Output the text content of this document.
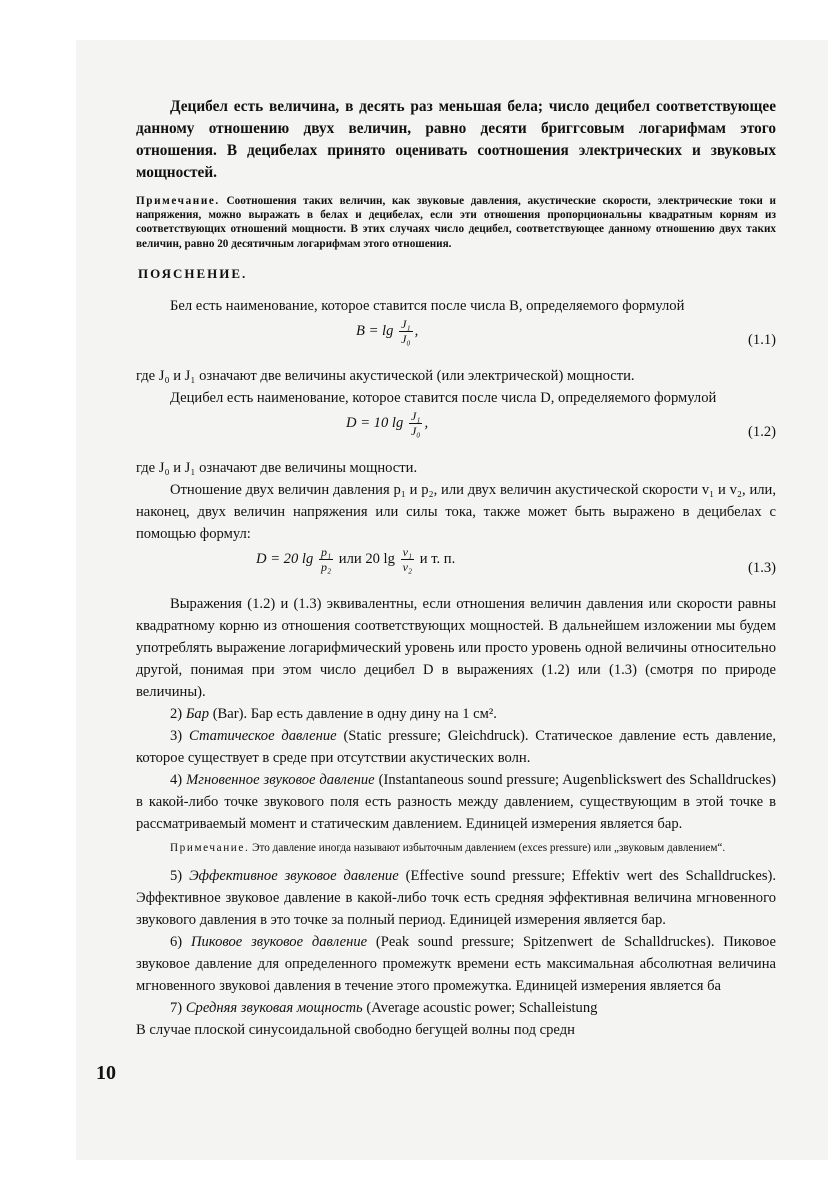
Децибел есть величина, в десять раз меньшая бела; число децибел соответствующее данному отношению двух величин, равно десяти бриггсовым логарифмам этого отношения. В децибелах принято оценивать соотношения электрических и звуковых мощностей.

Примечание. Соотношения таких величин, как звуковые давления, акустические скорости, электрические токи и напряжения, можно выражать в белах и децибелах, если эти отношения пропорциональны квадратным корням из соответствующих отношений мощности. В этих случаях число децибел, соответствующее данному отношению двух таких величин, равно 20 десятичным логарифмам этого отношения.

ПОЯСНЕНИЕ.

Бел есть наименование, которое ставится после числа B, определяемого формулой

$B = \lg \frac{\text{J₁}}{\text{J₀}}$ ,
(1.1)

где J₀ и J₁ означают две величины акустической (или электрической) мощности.

Децибел есть наименование, которое ставится после числа D, определяемого формулой

D = 10 $\lg \frac{\text{J₁}}{\text{J₀}}$ ,
(1.2)

где J₀ и J₁ означают две величины мощности.

Отношение двух величин давления p₁ и p₂, или двух величин акустической скорости v₁ и v₂, или, наконец, двух величин напряжения или силы тока, также может быть выражено в децибелах с помощью формул:

D = 20 $\lg \frac{\text{p₁}}{\text{p₂}}$ или 20 $\lg \frac{\text{v₁}}{\text{v₂}}$ и т. п.
(1.3)

Выражения (1.2) и (1.3) эквивалентны, если отношения величин давления или скорости равны квадратному корню из отношения соответствующих мощностей. В дальнейшем изложении мы будем употреблять выражение логарифмический уровень или просто уровень одной величины относительно другой, понимая при этом число децибел D в выражениях (1.2) или (1.3) (смотря по природе величины).

2) Бар (Bar). Бар есть давление в одну дину на 1 см².

3) Статическое давление (Static pressure; Gleichdruck). Статическое давление есть давление, которое существует в среде при отсутствии акустических волн.

4) Мгновенное звуковое давление (Instantaneous sound pressure; Augenblickswert des Schalldruckes) в какой-либо точке звукового поля есть разность между давлением, существующим в этой точке в рассматриваемый момент и статическим давлением. Единицей измерения является бар.

Примечание. Это давление иногда называют избыточным давлением (exces pressure) или „звуковым давлением“.

5) Эффективное звуковое давление (Effective sound pressure; Effektiv wert des Schalldruckes). Эффективное звуковое давление в какой-либо точк есть средняя эффективная величина мгновенного звукового давления в это точке за полный период. Единицей измерения является бар.

6) Пиковое звуковое давление (Peak sound pressure; Spitzenwert de Schalldruckes). Пиковое звуковое давление для определенного промежутк времени есть максимальная абсолютная величина мгновенного звуковоі давления в течение этого промежутка. Единицей измерения является ба

7) Средняя звуковая мощность (Average acoustic power; Schalleistung

В случае плоской синусоидальной свободно бегущей волны под средн

10
